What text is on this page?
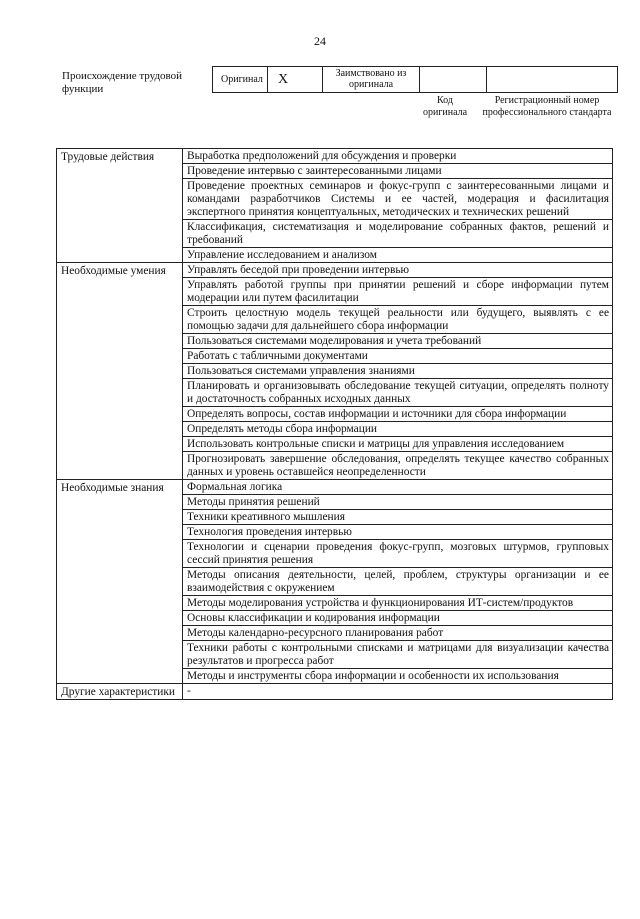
24
Происхождение трудовой функции
Оригинал	X	Заимствовано из оригинала
Код оригинала
Регистрационный номер профессионального стандарта
Трудовые действия	Выработка предположений для обсуждения и проверки
	Проведение интервью с заинтересованными лицами
	Проведение проектных семинаров и фокус-групп с заинтересованными лицами и командами разработчиков Системы и ее частей, модерация и фасилитация экспертного принятия концептуальных, методических и технических решений
	Классификация, систематизация и моделирование собранных фактов, решений и требований
	Управление исследованием и анализом

Необходимые умения	Управлять беседой при проведении интервью
	Управлять работой группы при принятии решений и сборе информации путем модерации или путем фасилитации
	Строить целостную модель текущей реальности или будущего, выявлять с ее помощью задачи для дальнейшего сбора информации
	Пользоваться системами моделирования и учета требований
	Работать с табличными документами
	Пользоваться системами управления знаниями
	Планировать и организовывать обследование текущей ситуации, определять полноту и достаточность собранных исходных данных
	Определять вопросы, состав информации и источники для сбора информации
	Определять методы сбора информации
	Использовать контрольные списки и матрицы для управления исследованием
	Прогнозировать завершение обследования, определять текущее качество собранных данных и уровень оставшейся неопределенности

Необходимые знания	Формальная логика
	Методы принятия решений
	Техники креативного мышления
	Технология проведения интервью
	Технологии и сценарии проведения фокус-групп, мозговых штурмов, групповых сессий принятия решения
	Методы описания деятельности, целей, проблем, структуры организации и ее взаимодействия с окружением
	Методы моделирования устройства и функционирования ИТ-систем/продуктов
	Основы классификации и кодирования информации
	Методы календарно-ресурсного планирования работ
	Техники работы с контрольными списками и матрицами для визуализации качества результатов и прогресса работ
	Методы и инструменты сбора информации и особенности их использования

Другие характеристики	-
